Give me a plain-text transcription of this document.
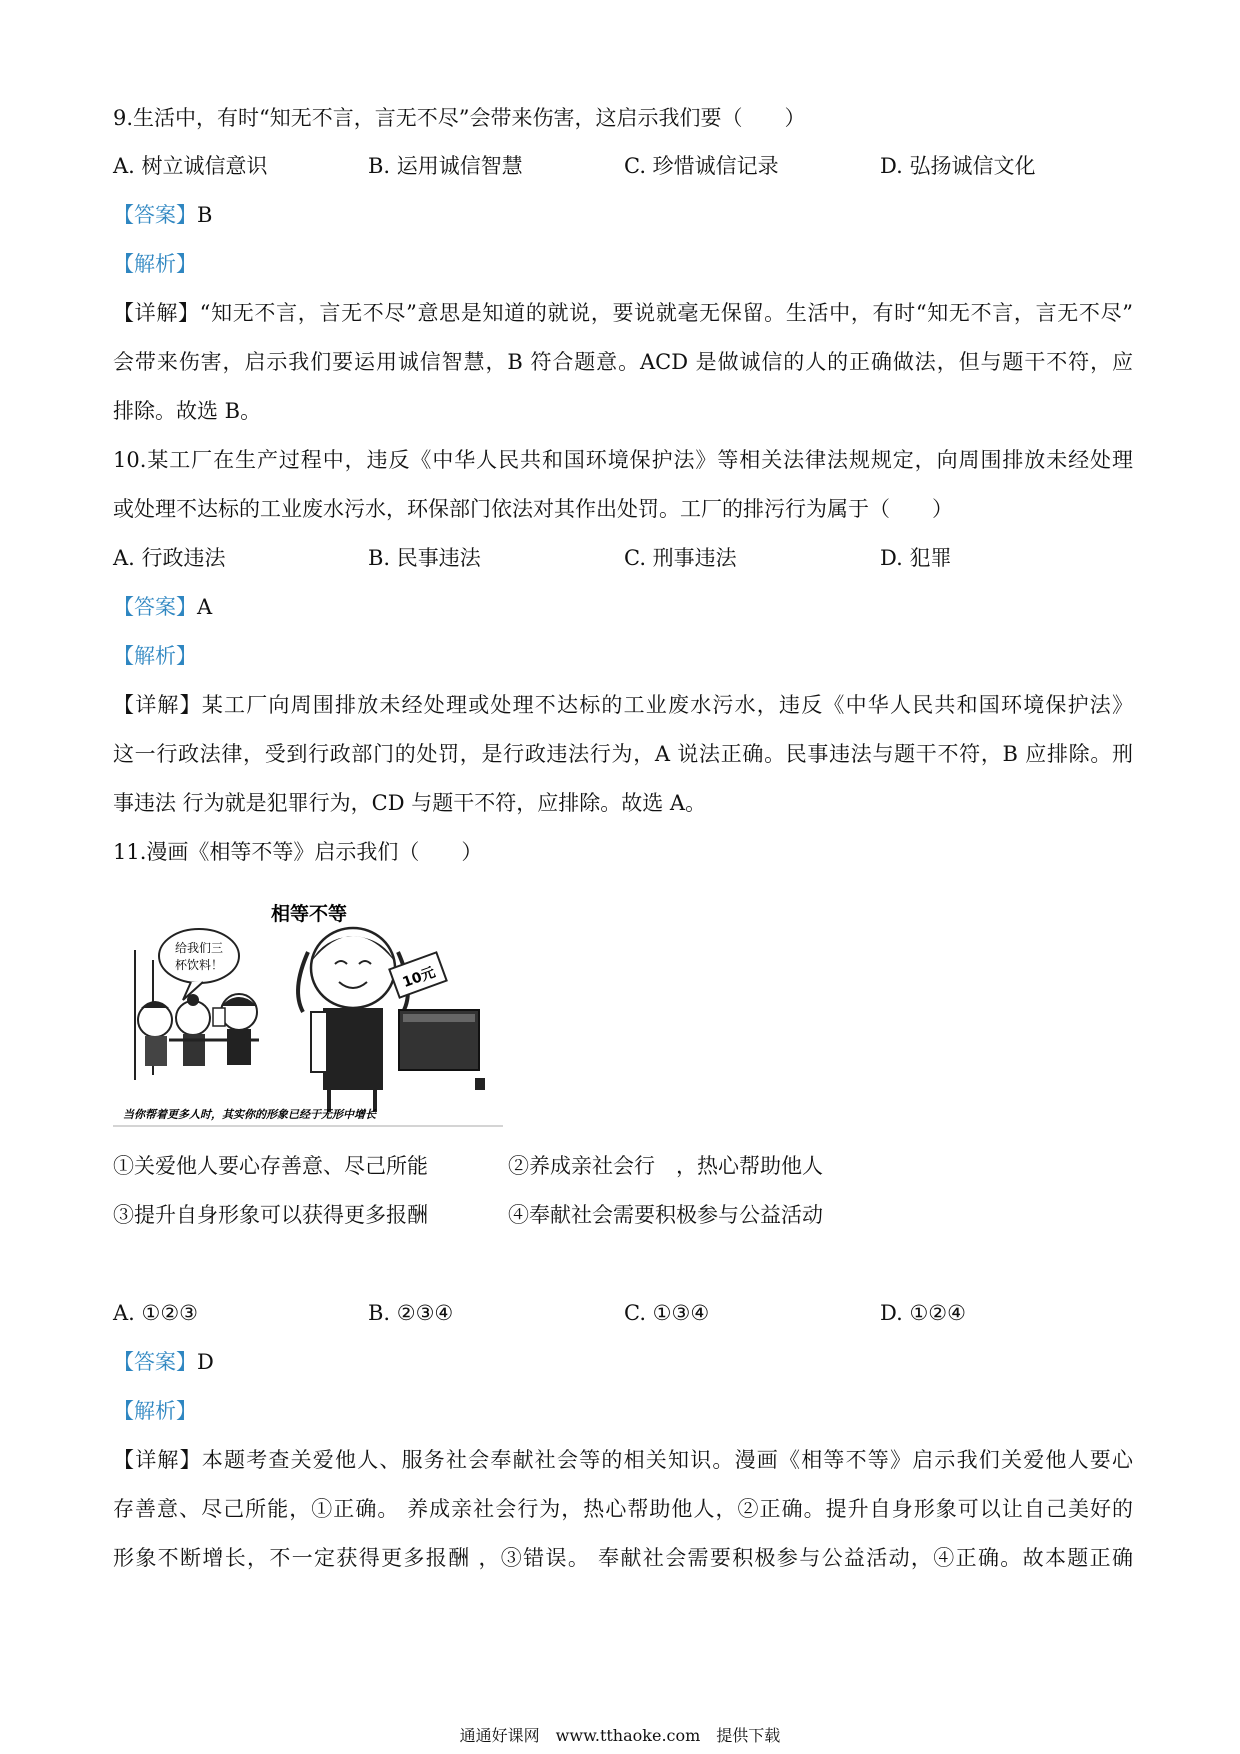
9.生活中，有时“知无不言，言无不尽”会带来伤害，这启示我们要（　　）
A. 树立诚信意识	B. 运用诚信智慧	C. 珍惜诚信记录	D. 弘扬诚信文化
【答案】B
【解析】
【详解】“知无不言，言无不尽”意思是知道的就说，要说就毫无保留。生活中，有时“知无不言，言无不尽”
会带来伤害，启示我们要运用诚信智慧，B 符合题意。ACD 是做诚信的人的正确做法，但与题干不符，应
排除。故选 B。
10.某工厂在生产过程中，违反《中华人民共和国环境保护法》等相关法律法规规定，向周围排放未经处理
或处理不达标的工业废水污水，环保部门依法对其作出处罚。工厂的排污行为属于（　　）
A. 行政违法	B. 民事违法	C. 刑事违法	D. 犯罪
【答案】A
【解析】
【详解】某工厂向周围排放未经处理或处理不达标的工业废水污水，违反《中华人民共和国环境保护法》
这一行政法律，受到行政部门的处罚，是行政违法行为，A 说法正确。民事违法与题干不符，B 应排除。刑
事违法 行为就是犯罪行为，CD 与题干不符，应排除。故选 A。
11.漫画《相等不等》启示我们（　　）
相等不等
给我们三
杯饮料！	10元
当你帮着更多人时，其实你的形象已经于无形中增长
①关爱他人要心存善意、尽己所能	②养成亲社会行　，热心帮助他人
③提升自身形象可以获得更多报酬	④奉献社会需要积极参与公益活动
A. ①②③	B. ②③④	C. ①③④	D. ①②④
【答案】D
【解析】
【详解】本题考查关爱他人、服务社会奉献社会等的相关知识。漫画《相等不等》启示我们关爱他人要心
存善意、尽己所能，①正确。 养成亲社会行为，热心帮助他人，②正确。提升自身形象可以让自己美好的
形象不断增长，不一定获得更多报酬 ，③错误。 奉献社会需要积极参与公益活动，④正确。故本题正确
通通好课网　www.tthaoke.com　提供下载
